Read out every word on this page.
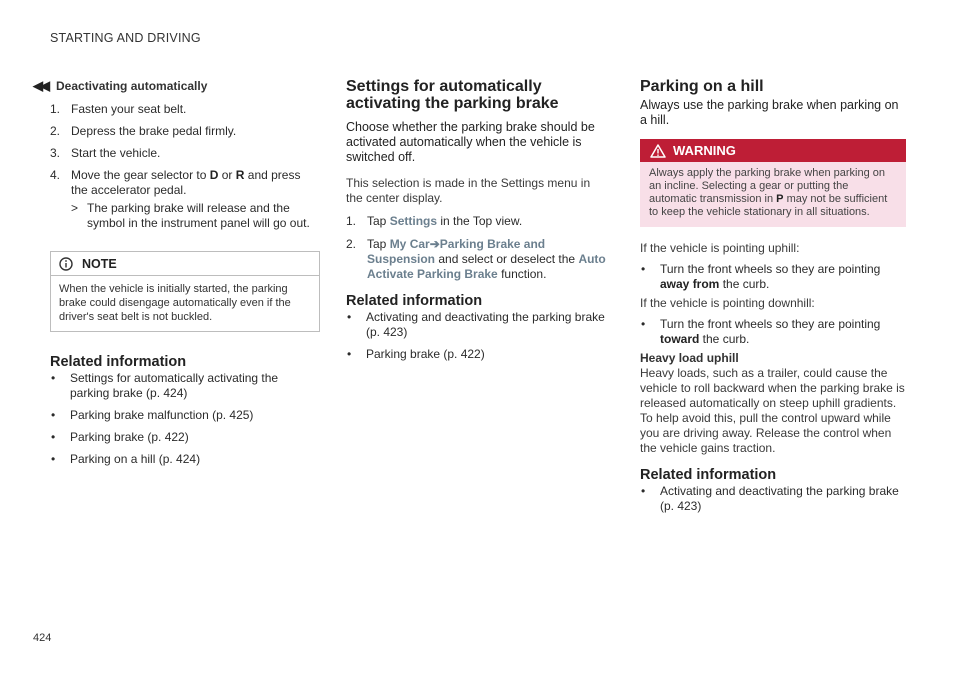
STARTING AND DRIVING
◀◀ Deactivating automatically
1. Fasten your seat belt.
2. Depress the brake pedal firmly.
3. Start the vehicle.
4. Move the gear selector to D or R and press the accelerator pedal.
> The parking brake will release and the symbol in the instrument panel will go out.
NOTE
When the vehicle is initially started, the parking brake could disengage automatically even if the driver's seat belt is not buckled.
Related information
•	Settings for automatically activating the parking brake (p. 424)
•	Parking brake malfunction (p. 425)
•	Parking brake (p. 422)
•	Parking on a hill (p. 424)
Settings for automatically activating the parking brake

Choose whether the parking brake should be activated automatically when the vehicle is switched off.

This selection is made in the Settings menu in the center display.

1. Tap Settings in the Top view.
2. Tap My Car➔Parking Brake and Suspension and select or deselect the Auto Activate Parking Brake function.
Related information
•	Activating and deactivating the parking brake (p. 423)
•	Parking brake (p. 422)
Parking on a hill

Always use the parking brake when parking on a hill.

WARNING
Always apply the parking brake when parking on an incline. Selecting a gear or putting the automatic transmission in P may not be sufficient to keep the vehicle stationary in all situations.

If the vehicle is pointing uphill:

•	Turn the front wheels so they are pointing away from the curb.

If the vehicle is pointing downhill:

•	Turn the front wheels so they are pointing toward the curb.
Heavy load uphill

Heavy loads, such as a trailer, could cause the vehicle to roll backward when the parking brake is released automatically on steep uphill gradients. To help avoid this, pull the control upward while you are driving away. Release the control when the vehicle gains traction.

Related information
•	Activating and deactivating the parking brake (p. 423)
424
